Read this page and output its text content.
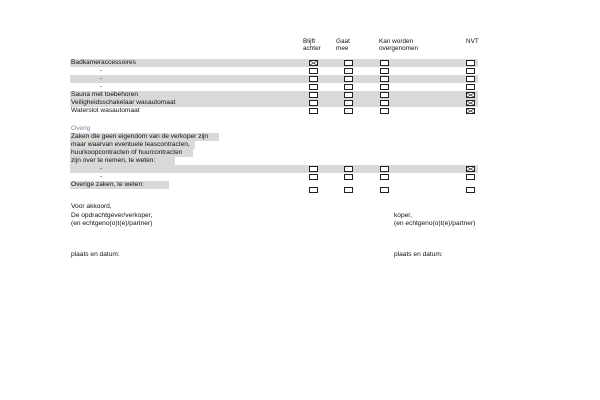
Blijft
achter
Gaat
mee
Kan worden
overgenomen
NVT
Badkameraccessoires
-
-
-
Sauna met toebehoren
Veiligheidsschakelaar wasautomaat
Waterslot wasautomaat
Overig
Zaken die geen eigendom van de verkoper zijn
maar waarvan eventuele leascontracten,
huurkoopcontracten of huurcontracten
zijn over te nemen, te weten:
-
-
Overige zaken, te weten:
Voor akkoord,
De opdrachtgever/verkoper,
(en echtgeno(o)t(e)/partner)
koper,
(en echtgeno(o)t(e)/partner)
plaats en datum:	plaats en datum:
